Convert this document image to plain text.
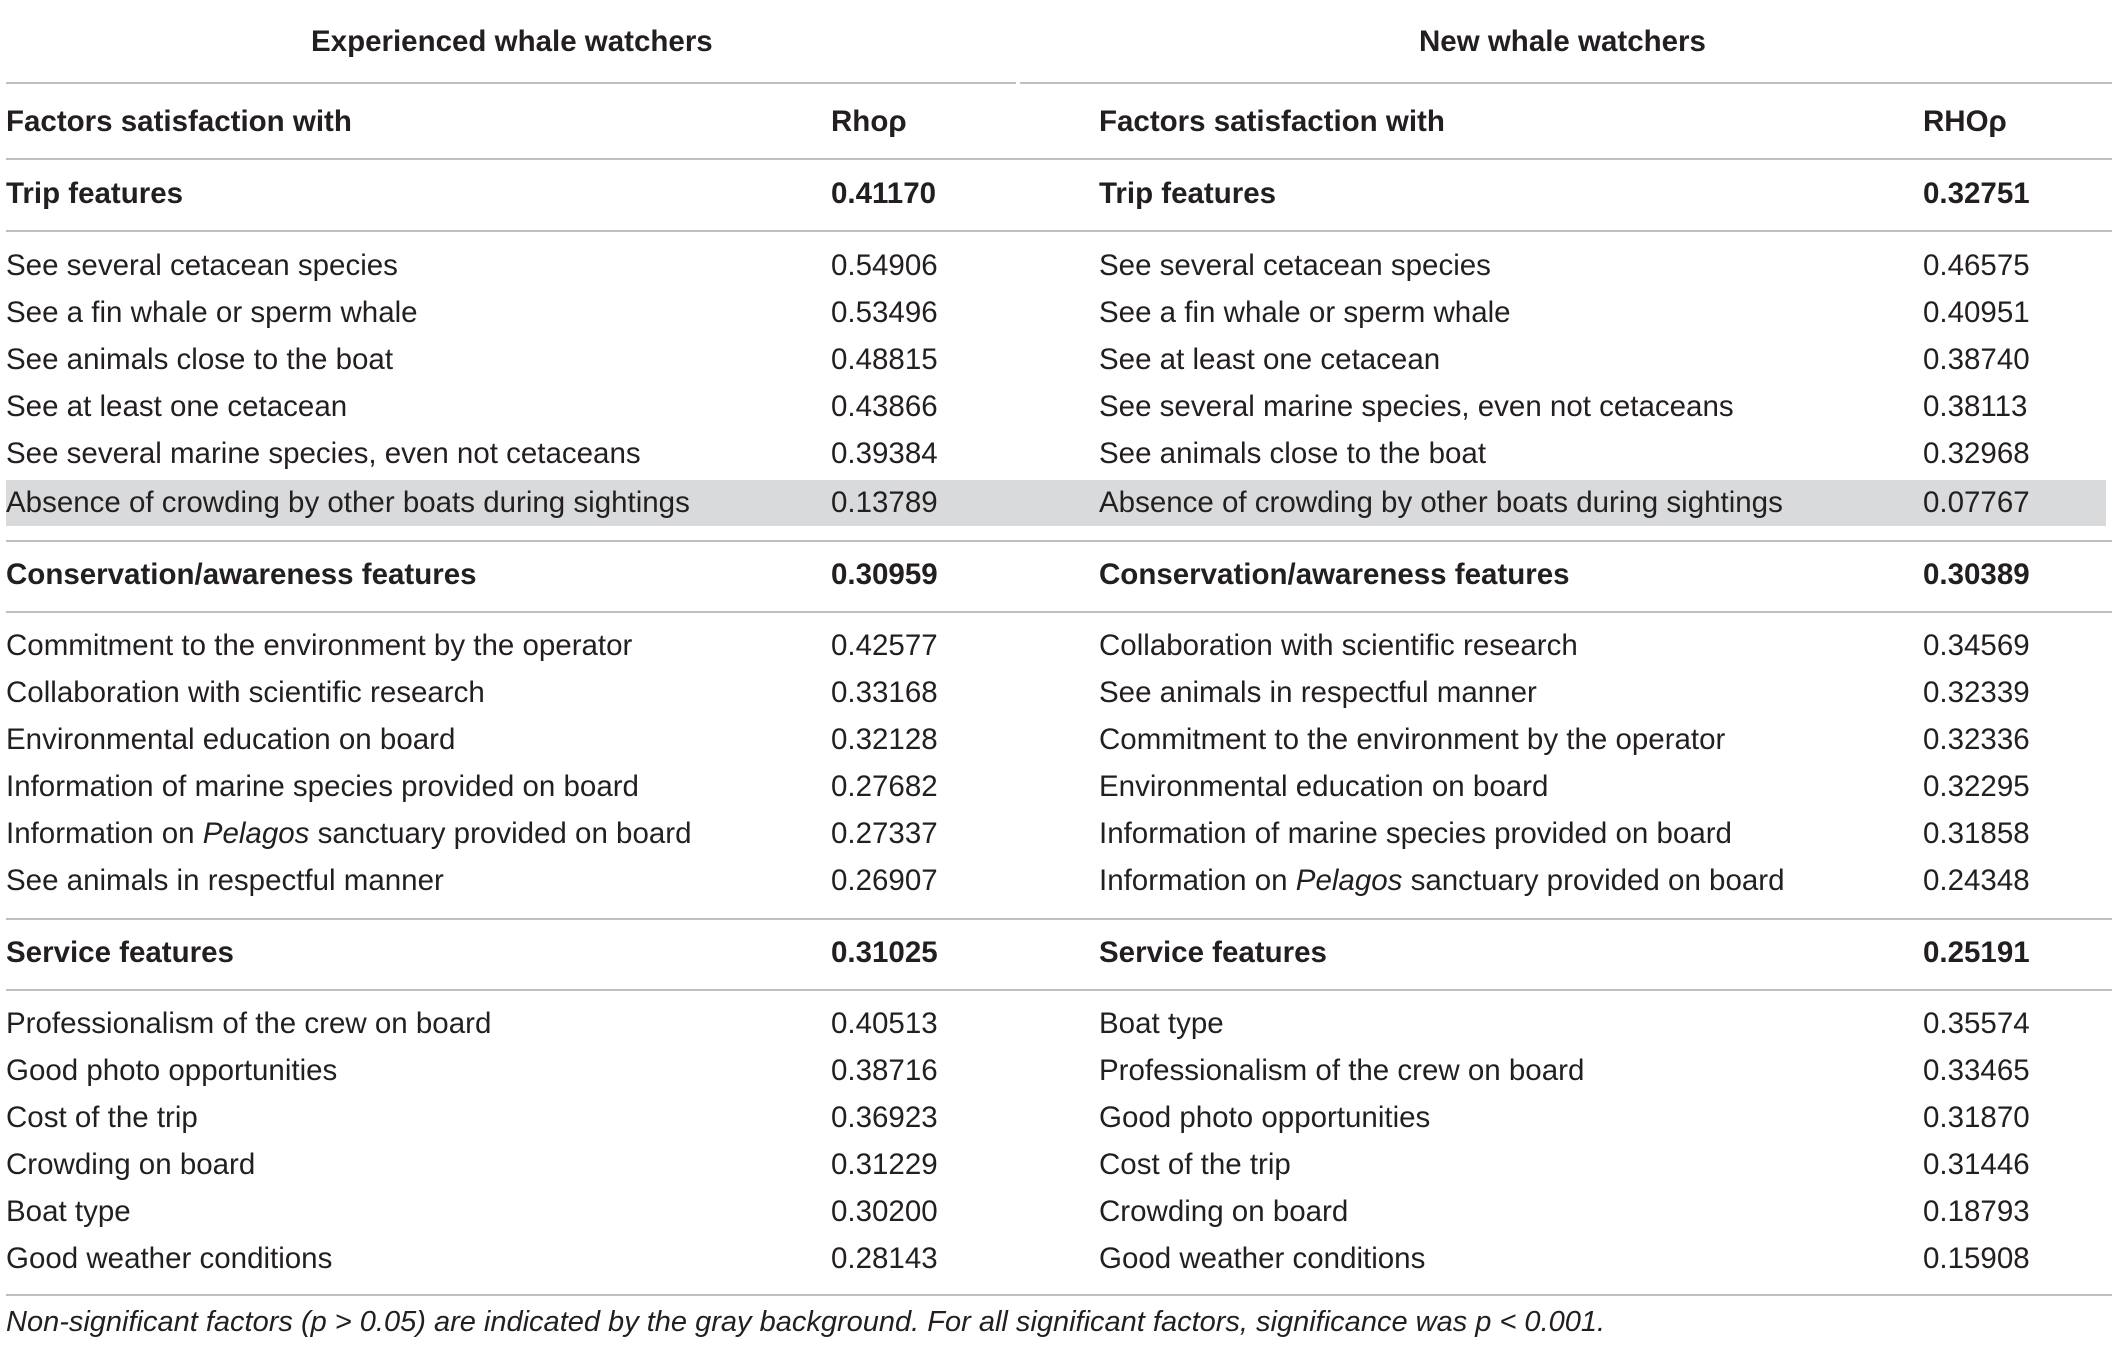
Experienced whale watchers	New whale watchers
Factors satisfaction with	Rhoρ	Factors satisfaction with	RHOρ
Trip features	0.41170	Trip features	0.32751
See several cetacean species	0.54906	See several cetacean species	0.46575
See a fin whale or sperm whale	0.53496	See a fin whale or sperm whale	0.40951
See animals close to the boat	0.48815	See at least one cetacean	0.38740
See at least one cetacean	0.43866	See several marine species, even not cetaceans	0.38113
See several marine species, even not cetaceans	0.39384	See animals close to the boat	0.32968
Absence of crowding by other boats during sightings	0.13789	Absence of crowding by other boats during sightings	0.07767
Conservation/awareness features	0.30959	Conservation/awareness features	0.30389
Commitment to the environment by the operator	0.42577	Collaboration with scientific research	0.34569
Collaboration with scientific research	0.33168	See animals in respectful manner	0.32339
Environmental education on board	0.32128	Commitment to the environment by the operator	0.32336
Information of marine species provided on board	0.27682	Environmental education on board	0.32295
Information on Pelagos sanctuary provided on board	0.27337	Information of marine species provided on board	0.31858
See animals in respectful manner	0.26907	Information on Pelagos sanctuary provided on board	0.24348
Service features	0.31025	Service features	0.25191
Professionalism of the crew on board	0.40513	Boat type	0.35574
Good photo opportunities	0.38716	Professionalism of the crew on board	0.33465
Cost of the trip	0.36923	Good photo opportunities	0.31870
Crowding on board	0.31229	Cost of the trip	0.31446
Boat type	0.30200	Crowding on board	0.18793
Good weather conditions	0.28143	Good weather conditions	0.15908
Non-significant factors (p > 0.05) are indicated by the gray background. For all significant factors, significance was p < 0.001.
